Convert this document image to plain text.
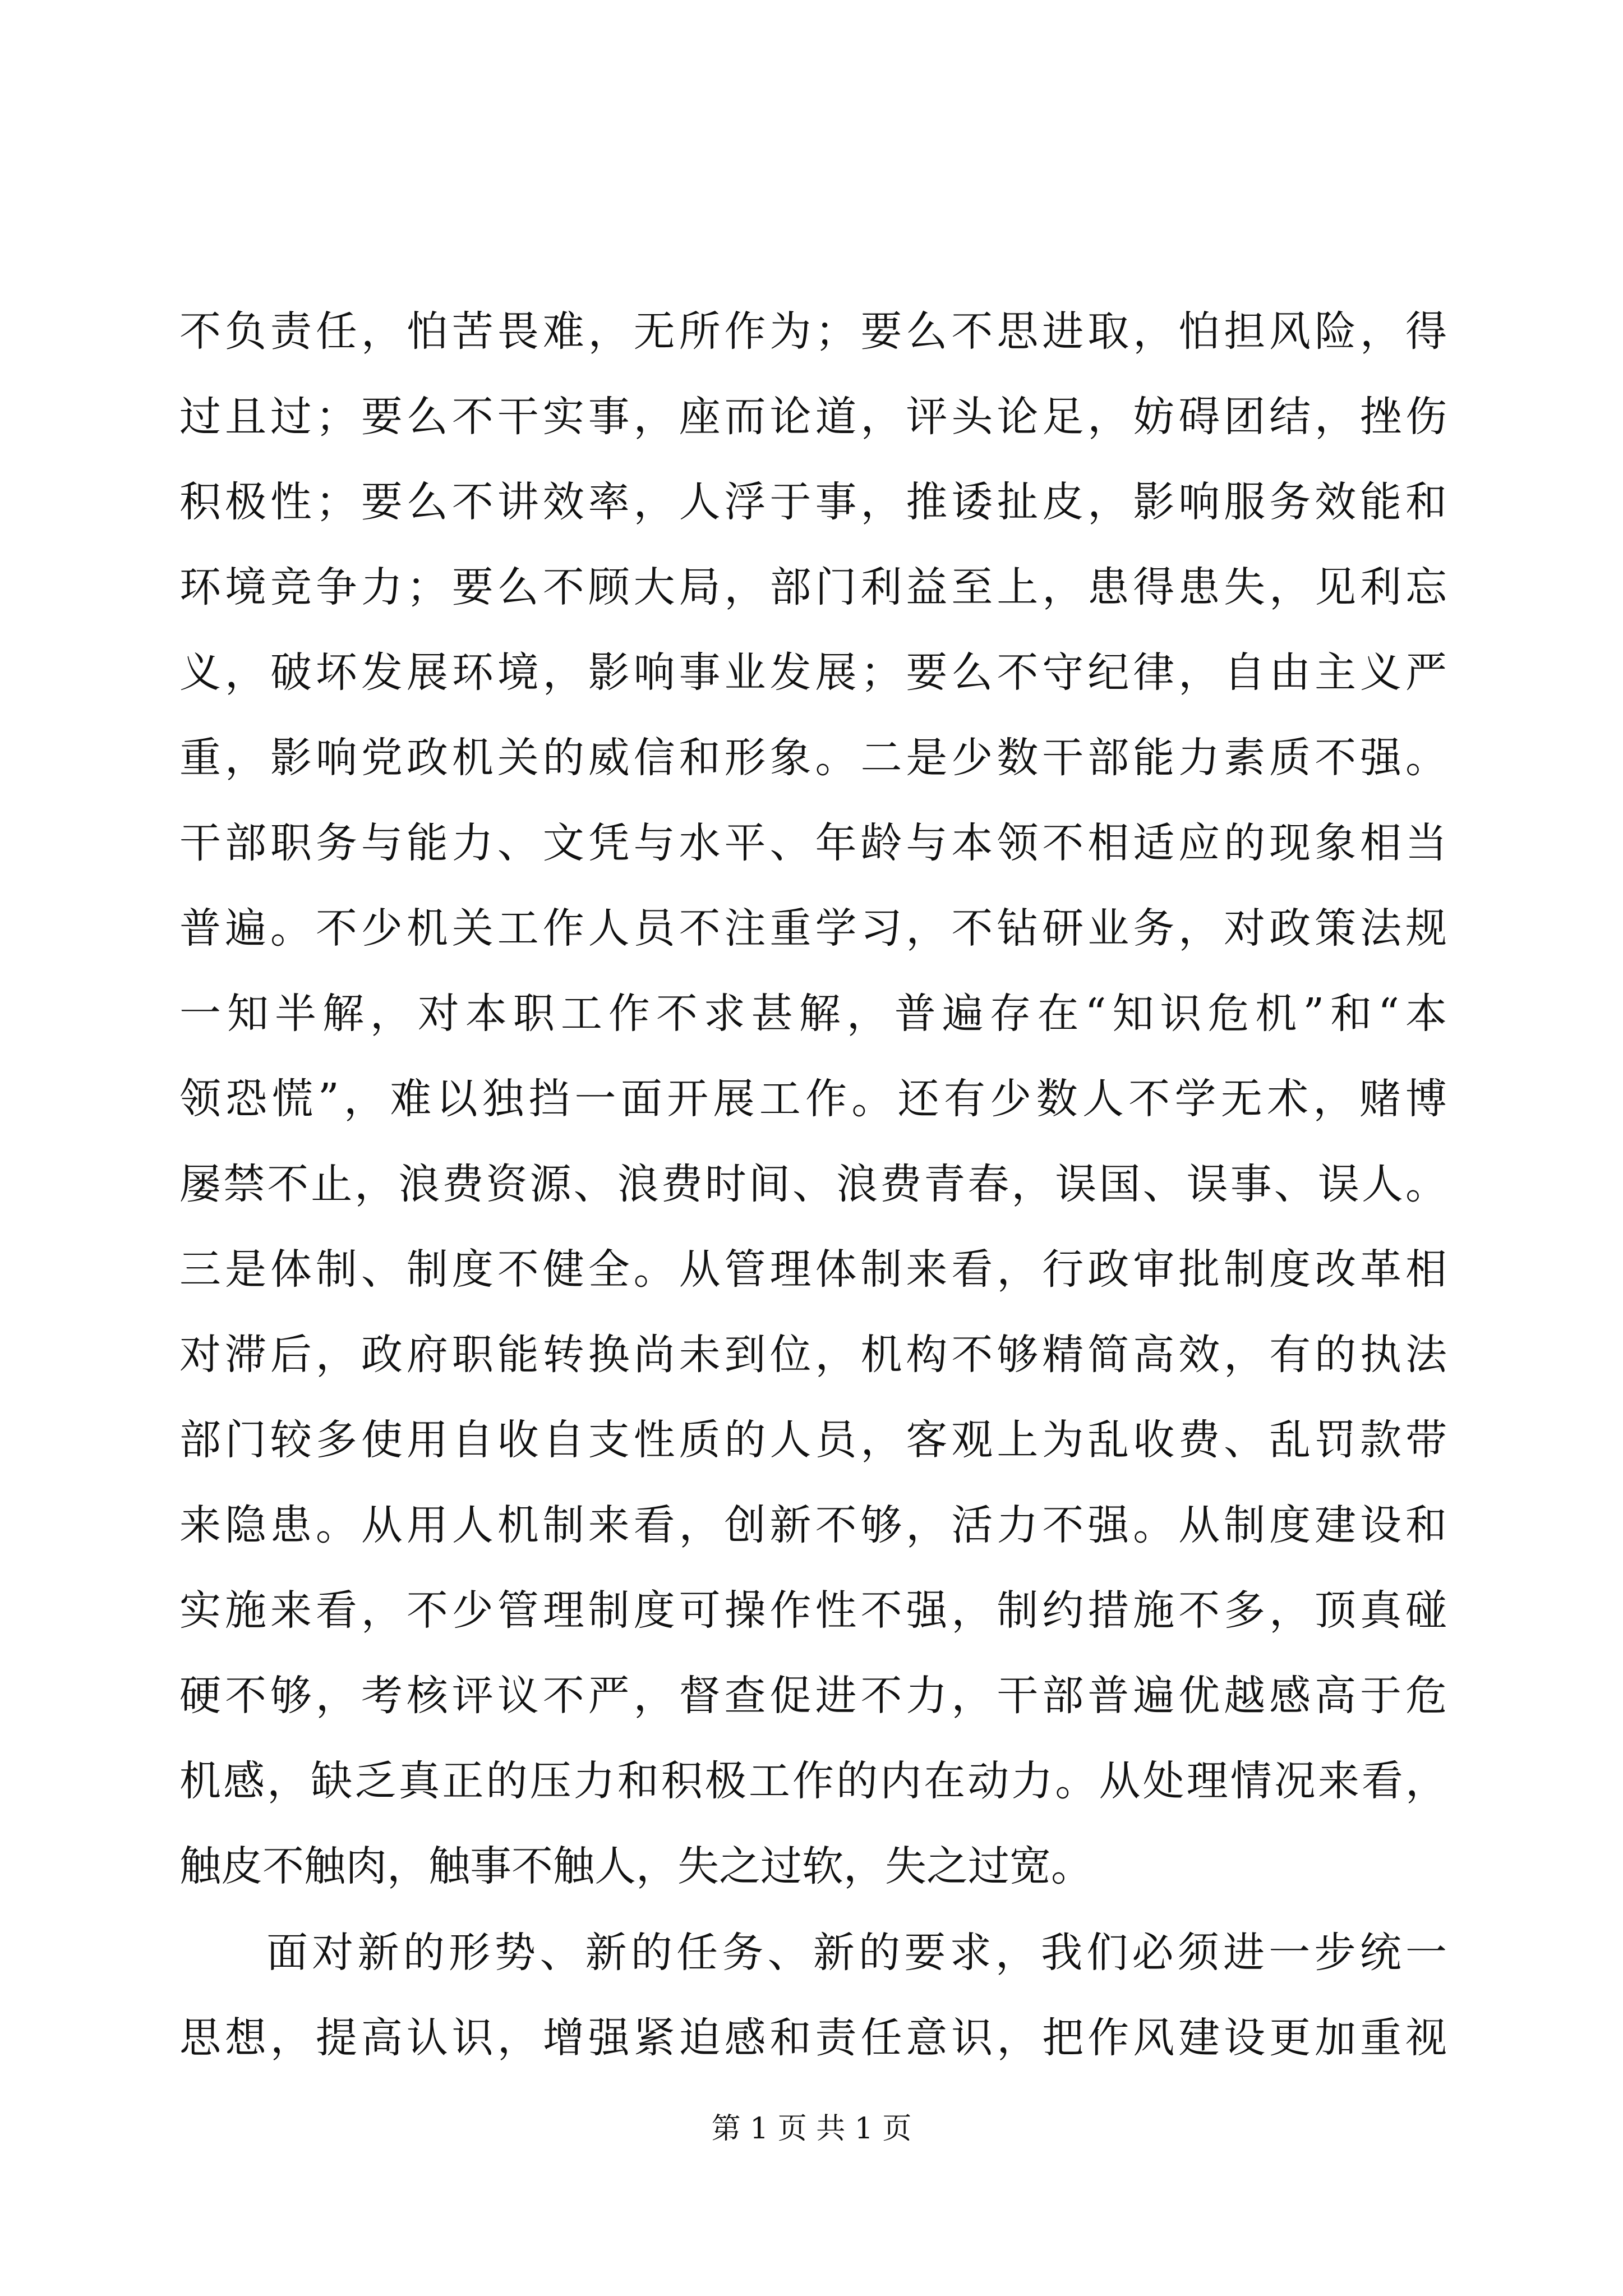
不负责任，怕苦畏难，无所作为；要么不思进取，怕担风险，得
过且过；要么不干实事，座而论道，评头论足，妨碍团结，挫伤
积极性；要么不讲效率，人浮于事，推诿扯皮，影响服务效能和
环境竞争力；要么不顾大局，部门利益至上，患得患失，见利忘
义，破坏发展环境，影响事业发展；要么不守纪律，自由主义严
重，影响党政机关的威信和形象。二是少数干部能力素质不强。
干部职务与能力、文凭与水平、年龄与本领不相适应的现象相当
普遍。不少机关工作人员不注重学习，不钻研业务，对政策法规
一知半解，对本职工作不求甚解，普遍存在“知识危机”和“本
领恐慌”，难以独挡一面开展工作。还有少数人不学无术，赌博
屡禁不止，浪费资源、浪费时间、浪费青春，误国、误事、误人。
三是体制、制度不健全。从管理体制来看，行政审批制度改革相
对滞后，政府职能转换尚未到位，机构不够精简高效，有的执法
部门较多使用自收自支性质的人员，客观上为乱收费、乱罚款带
来隐患。从用人机制来看，创新不够，活力不强。从制度建设和
实施来看，不少管理制度可操作性不强，制约措施不多，顶真碰
硬不够，考核评议不严，督查促进不力，干部普遍优越感高于危
机感，缺乏真正的压力和积极工作的内在动力。从处理情况来看，
触皮不触肉，触事不触人，失之过软，失之过宽。
面对新的形势、新的任务、新的要求，我们必须进一步统一
思想，提高认识，增强紧迫感和责任意识，把作风建设更加重视
第 1 页 共 1 页
